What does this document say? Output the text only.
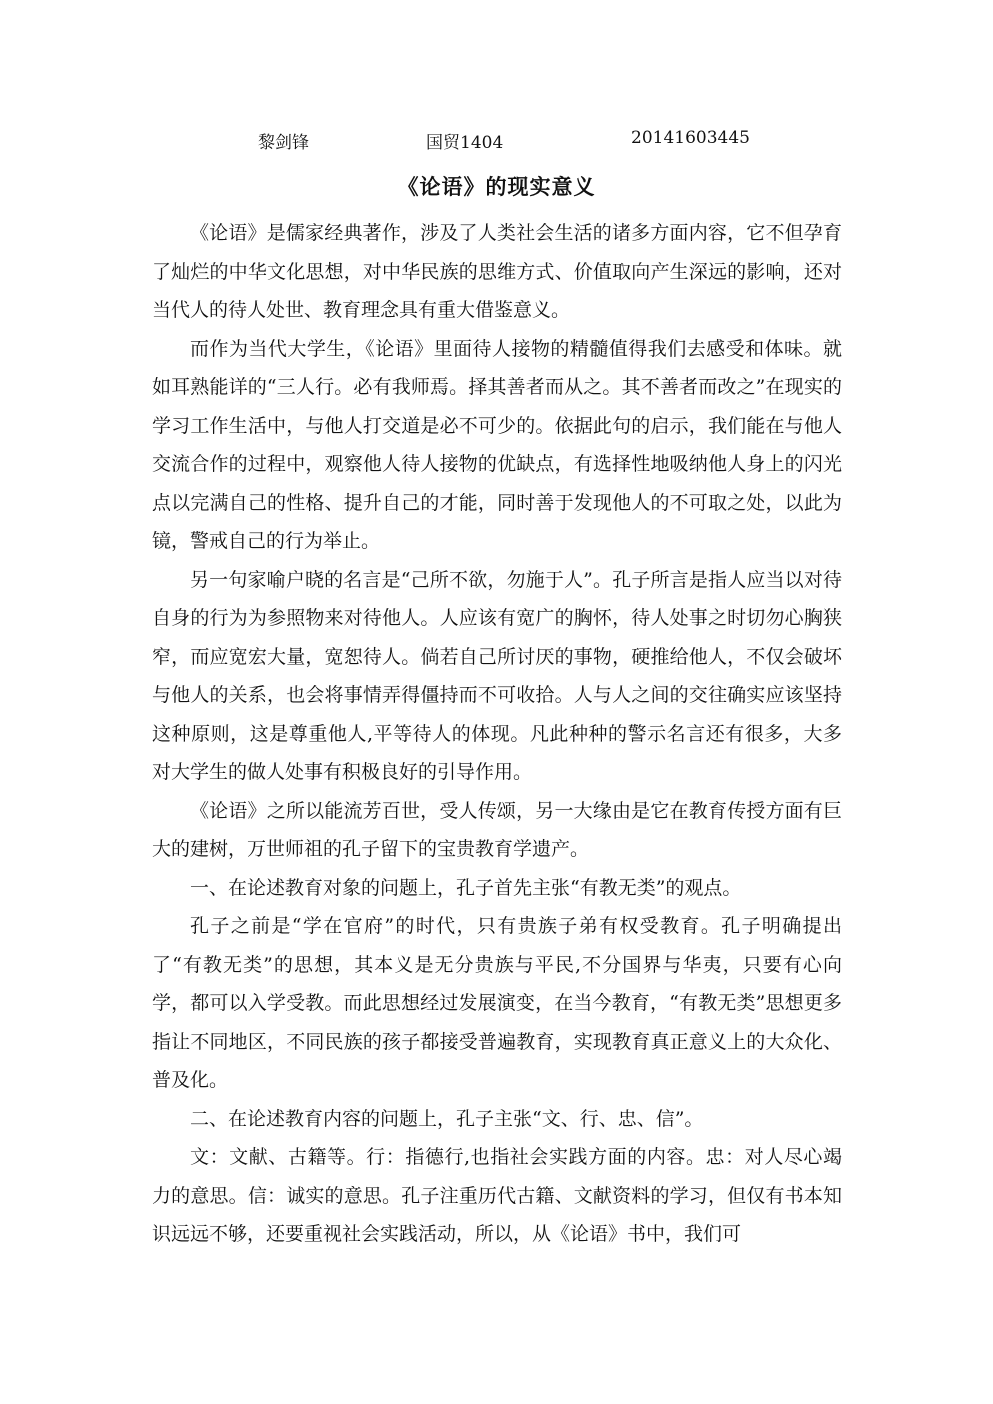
黎剑锋	国贸1404	20141603445
《论语》的现实意义

《论语》是儒家经典著作，涉及了人类社会生活的诸多方面内容，它不但孕育了灿烂的中华文化思想，对中华民族的思维方式、价值取向产生深远的影响，还对当代人的待人处世、教育理念具有重大借鉴意义。

而作为当代大学生，《论语》里面待人接物的精髓值得我们去感受和体味。就如耳熟能详的“三人行。必有我师焉。择其善者而从之。其不善者而改之”在现实的学习工作生活中，与他人打交道是必不可少的。依据此句的启示，我们能在与他人交流合作的过程中，观察他人待人接物的优缺点，有选择性地吸纳他人身上的闪光点以完满自己的性格、提升自己的才能，同时善于发现他人的不可取之处，以此为镜，警戒自己的行为举止。

另一句家喻户晓的名言是“己所不欲，勿施于人”。孔子所言是指人应当以对待自身的行为为参照物来对待他人。人应该有宽广的胸怀，待人处事之时切勿心胸狭窄，而应宽宏大量，宽恕待人。倘若自己所讨厌的事物，硬推给他人，不仅会破坏与他人的关系，也会将事情弄得僵持而不可收拾。人与人之间的交往确实应该坚持这种原则，这是尊重他人,平等待人的体现。凡此种种的警示名言还有很多，大多对大学生的做人处事有积极良好的引导作用。

《论语》之所以能流芳百世，受人传颂，另一大缘由是它在教育传授方面有巨大的建树，万世师祖的孔子留下的宝贵教育学遗产。

一、在论述教育对象的问题上，孔子首先主张“有教无类”的观点。

孔子之前是“学在官府”的时代，只有贵族子弟有权受教育。孔子明确提出了“有教无类”的思想，其本义是无分贵族与平民,不分国界与华夷，只要有心向学，都可以入学受教。而此思想经过发展演变，在当今教育，“有教无类”思想更多指让不同地区，不同民族的孩子都接受普遍教育，实现教育真正意义上的大众化、普及化。

二、在论述教育内容的问题上，孔子主张“文、行、忠、信”。

文：文献、古籍等。行：指德行,也指社会实践方面的内容。忠：对人尽心竭力的意思。信：诚实的意思。孔子注重历代古籍、文献资料的学习，但仅有书本知识远远不够，还要重视社会实践活动，所以，从《论语》书中，我们可
